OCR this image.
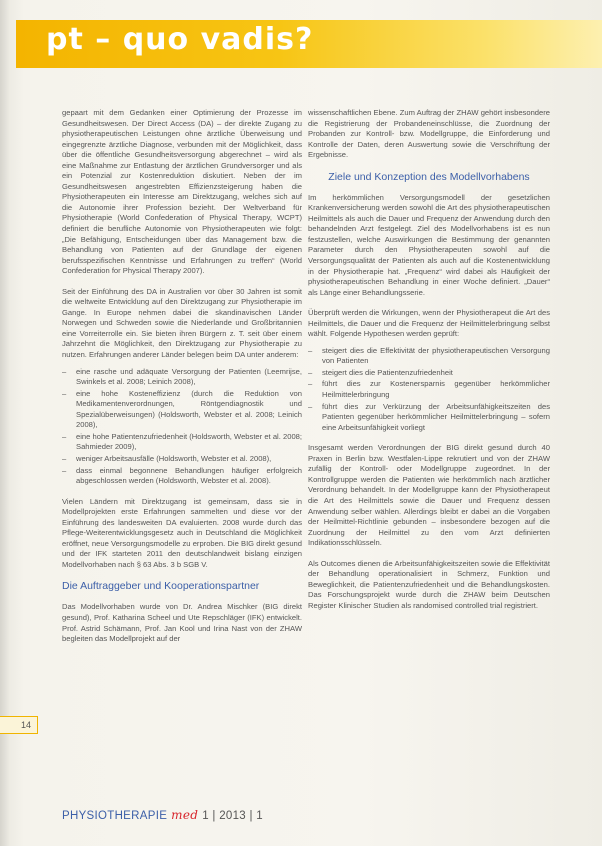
pt – quo vadis?

gepaart mit dem Gedanken einer Optimierung der Prozesse im Gesundheitswesen. Der Direct Access (DA) – der direkte Zugang zu physiotherapeutischen Leistungen ohne ärztliche Überweisung und eingegrenzte ärztliche Diagnose, verbunden mit der Möglichkeit, dass über die öffentliche Gesundheitsversorgung abgerechnet – wird als eine Maßnahme zur Entlastung der ärztlichen Grundversorger und als ein Potenzial zur Kostenreduktion diskutiert. Neben der im Gesundheitswesen angestrebten Effizienzsteigerung haben die Physiotherapeuten ein Interesse am Direktzugang, welches sich auf die Autonomie ihrer Profession bezieht. Der Weltverband für Physiotherapie (World Confederation of Physical Therapy, WCPT) definiert die berufliche Autonomie von Physiotherapeuten wie folgt: „Die Befähigung, Entscheidungen über das Management bzw. die Behandlung von Patienten auf der Grundlage der eigenen berufsspezifischen Kenntnisse und Erfahrungen zu treffen“ (World Confederation for Physical Therapy 2007).

Seit der Einführung des DA in Australien vor über 30 Jahren ist somit die weltweite Entwicklung auf den Direktzugang zur Physiotherapie im Gange. In Europe nehmen dabei die skandinavischen Länder Norwegen und Schweden sowie die Niederlande und Großbritannien eine Vorreiterrolle ein. Sie bieten ihren Bürgern z. T. seit über einem Jahrzehnt die Möglichkeit, den Direktzugang zur Physiotherapie zu nutzen. Erfahrungen anderer Länder belegen beim DA unter anderem:

– eine rasche und adäquate Versorgung der Patienten (Leemrijse, Swinkels et al. 2008; Leinich 2008),
– eine hohe Kosteneffizienz (durch die Reduktion von Medikamentenverordnungen, Röntgendiagnostik und Spezialüberweisungen) (Holdsworth, Webster et al. 2008; Leinich 2008),
– eine hohe Patientenzufriedenheit (Holdsworth, Webster et al. 2008; Sahmieder 2009),
– weniger Arbeitsausfälle (Holdsworth, Webster et al. 2008),
– dass einmal begonnene Behandlungen häufiger erfolgreich abgeschlossen werden (Holdsworth, Webster et al. 2008).

Vielen Ländern mit Direktzugang ist gemeinsam, dass sie in Modellprojekten erste Erfahrungen sammelten und diese vor der Einführung des landesweiten DA evaluierten. 2008 wurde durch das Pflege-Weiterentwicklungsgesetz auch in Deutschland die Möglichkeit eröffnet, neue Versorgungsmodelle zu erproben. Die BIG direkt gesund und der IFK starteten 2011 den deutschlandweit bislang einzigen Modellvorhaben nach § 63 Abs. 3 b SGB V.

Die Auftraggeber und Kooperationspartner

Das Modellvorhaben wurde von Dr. Andrea Mischker (BIG direkt gesund), Prof. Katharina Scheel und Ute Repschläger (IFK) entwickelt. Prof. Astrid Schämann, Prof. Jan Kool und Irina Nast von der ZHAW begleiten das Modellprojekt auf der

wissenschaftlichen Ebene. Zum Auftrag der ZHAW gehört insbesondere die Registrierung der Probandeneinschlüsse, die Zuordnung der Probanden zur Kontroll- bzw. Modellgruppe, die Einforderung und Kontrolle der Daten, deren Auswertung sowie die Verschriftung der Ergebnisse.

Ziele und Konzeption des Modellvorhabens

Im herkömmlichen Versorgungsmodell der gesetzlichen Krankenversicherung werden sowohl die Art des physiotherapeutischen Heilmittels als auch die Dauer und Frequenz der Anwendung durch den behandelnden Arzt festgelegt. Ziel des Modellvorhabens ist es nun festzustellen, welche Auswirkungen die Bestimmung der genannten Parameter durch den Physiotherapeuten sowohl auf die Versorgungsqualität der Patienten als auch auf die Kostenentwicklung in der Physiotherapie hat. „Frequenz“ wird dabei als Häufigkeit der physiotherapeutischen Behandlung in einer Woche definiert. „Dauer“ als Länge einer Behandlungsserie.

Überprüft werden die Wirkungen, wenn der Physiotherapeut die Art des Heilmittels, die Dauer und die Frequenz der Heilmittelerbringung selbst wählt. Folgende Hypothesen werden geprüft:

– steigert dies die Effektivität der physiotherapeutischen Versorgung von Patienten
– steigert dies die Patientenzufriedenheit
– führt dies zur Kostenersparnis gegenüber herkömmlicher Heilmittelerbringung
– führt dies zur Verkürzung der Arbeitsunfähigkeitszeiten des Patienten gegenüber herkömmlicher Heilmittelerbringung – sofern eine Arbeitsunfähigkeit vorliegt

Insgesamt werden Verordnungen der BIG direkt gesund durch 40 Praxen in Berlin bzw. Westfalen-Lippe rekrutiert und von der ZHAW zufällig der Kontroll- oder Modellgruppe zugeordnet. In der Kontrollgruppe werden die Patienten wie herkömmlich nach ärztlicher Verordnung behandelt. In der Modellgruppe kann der Physiotherapeut die Art des Heilmittels sowie die Dauer und Frequenz dessen Anwendung selber wählen. Allerdings bleibt er dabei an die Vorgaben der Heilmittel-Richtlinie gebunden – insbesondere bezogen auf die Zuordnung der Heilmittel zu den vom Arzt definierten Indikationsschlüsseln.

Als Outcomes dienen die Arbeitsunfähigkeitszeiten sowie die Effektivität der Behandlung operationalisiert in Schmerz, Funktion und Beweglichkeit, die Patientenzufriedenheit und die Behandlungskosten. Das Forschungsprojekt wurde durch die ZHAW beim Deutschen Register Klinischer Studien als randomised controlled trial registriert.

14
PHYSIOTHERAPIE med 1 | 2013 | 1
